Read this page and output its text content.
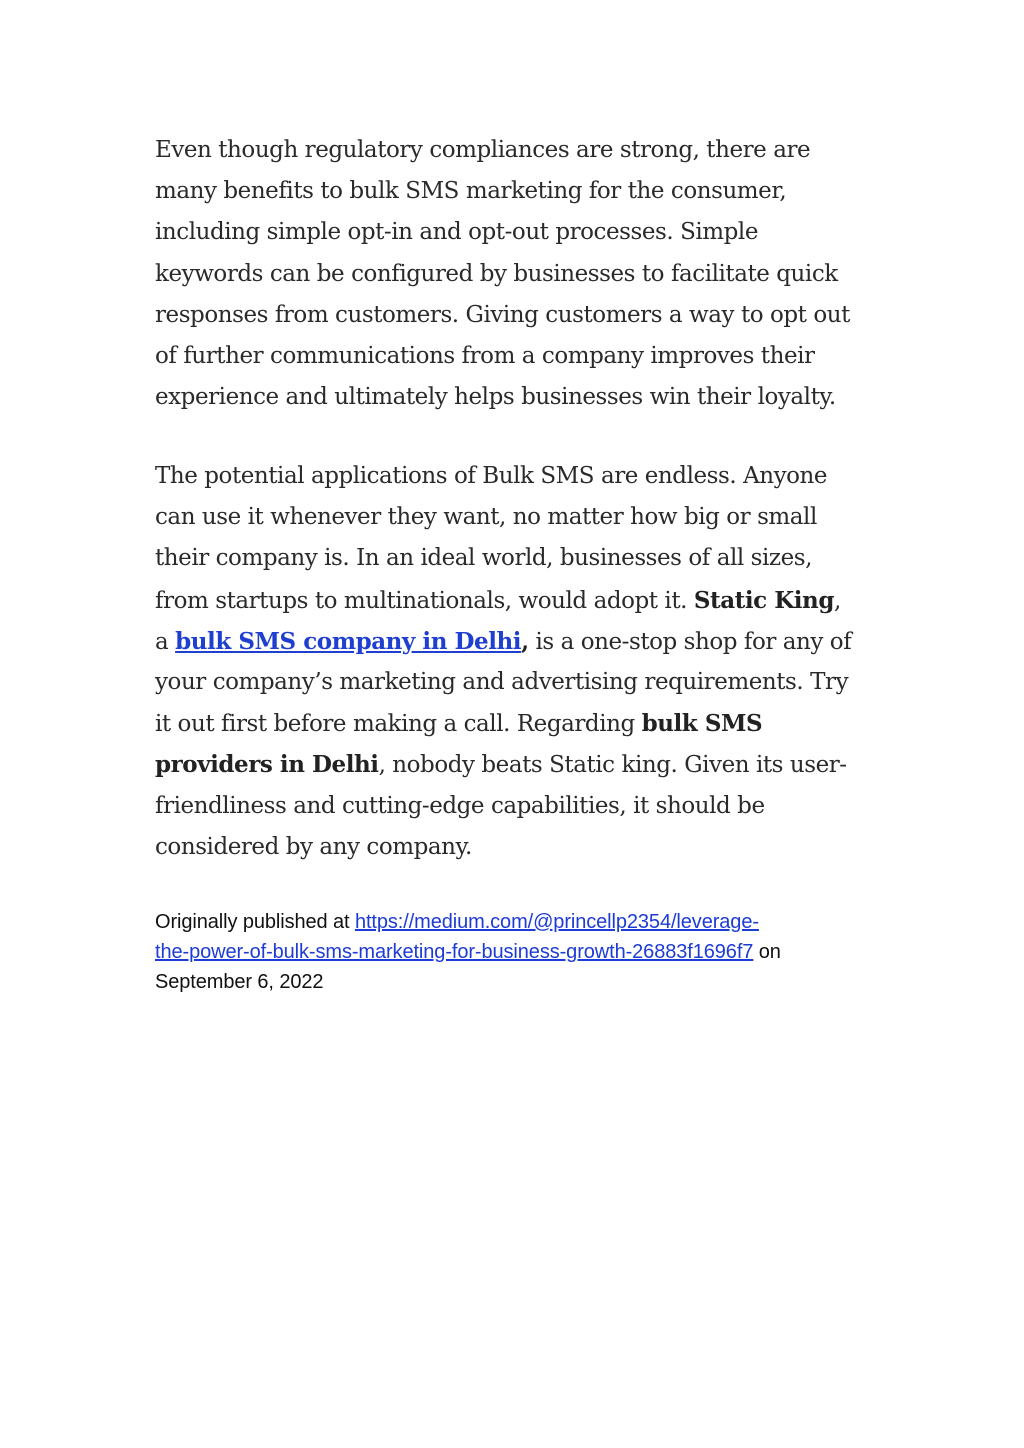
Even though regulatory compliances are strong, there are
many benefits to bulk SMS marketing for the consumer,
including simple opt-in and opt-out processes. Simple
keywords can be configured by businesses to facilitate quick
responses from customers. Giving customers a way to opt out
of further communications from a company improves their
experience and ultimately helps businesses win their loyalty.
The potential applications of Bulk SMS are endless. Anyone
can use it whenever they want, no matter how big or small
their company is. In an ideal world, businesses of all sizes,
from startups to multinationals, would adopt it. Static King,
a bulk SMS company in Delhi, is a one-stop shop for any of
your company’s marketing and advertising requirements. Try
it out first before making a call. Regarding bulk SMS
providers in Delhi, nobody beats Static king. Given its user-
friendliness and cutting-edge capabilities, it should be
considered by any company.
Originally published at https://medium.com/@princellp2354/leverage-
the-power-of-bulk-sms-marketing-for-business-growth-26883f1696f7 on
September 6, 2022
